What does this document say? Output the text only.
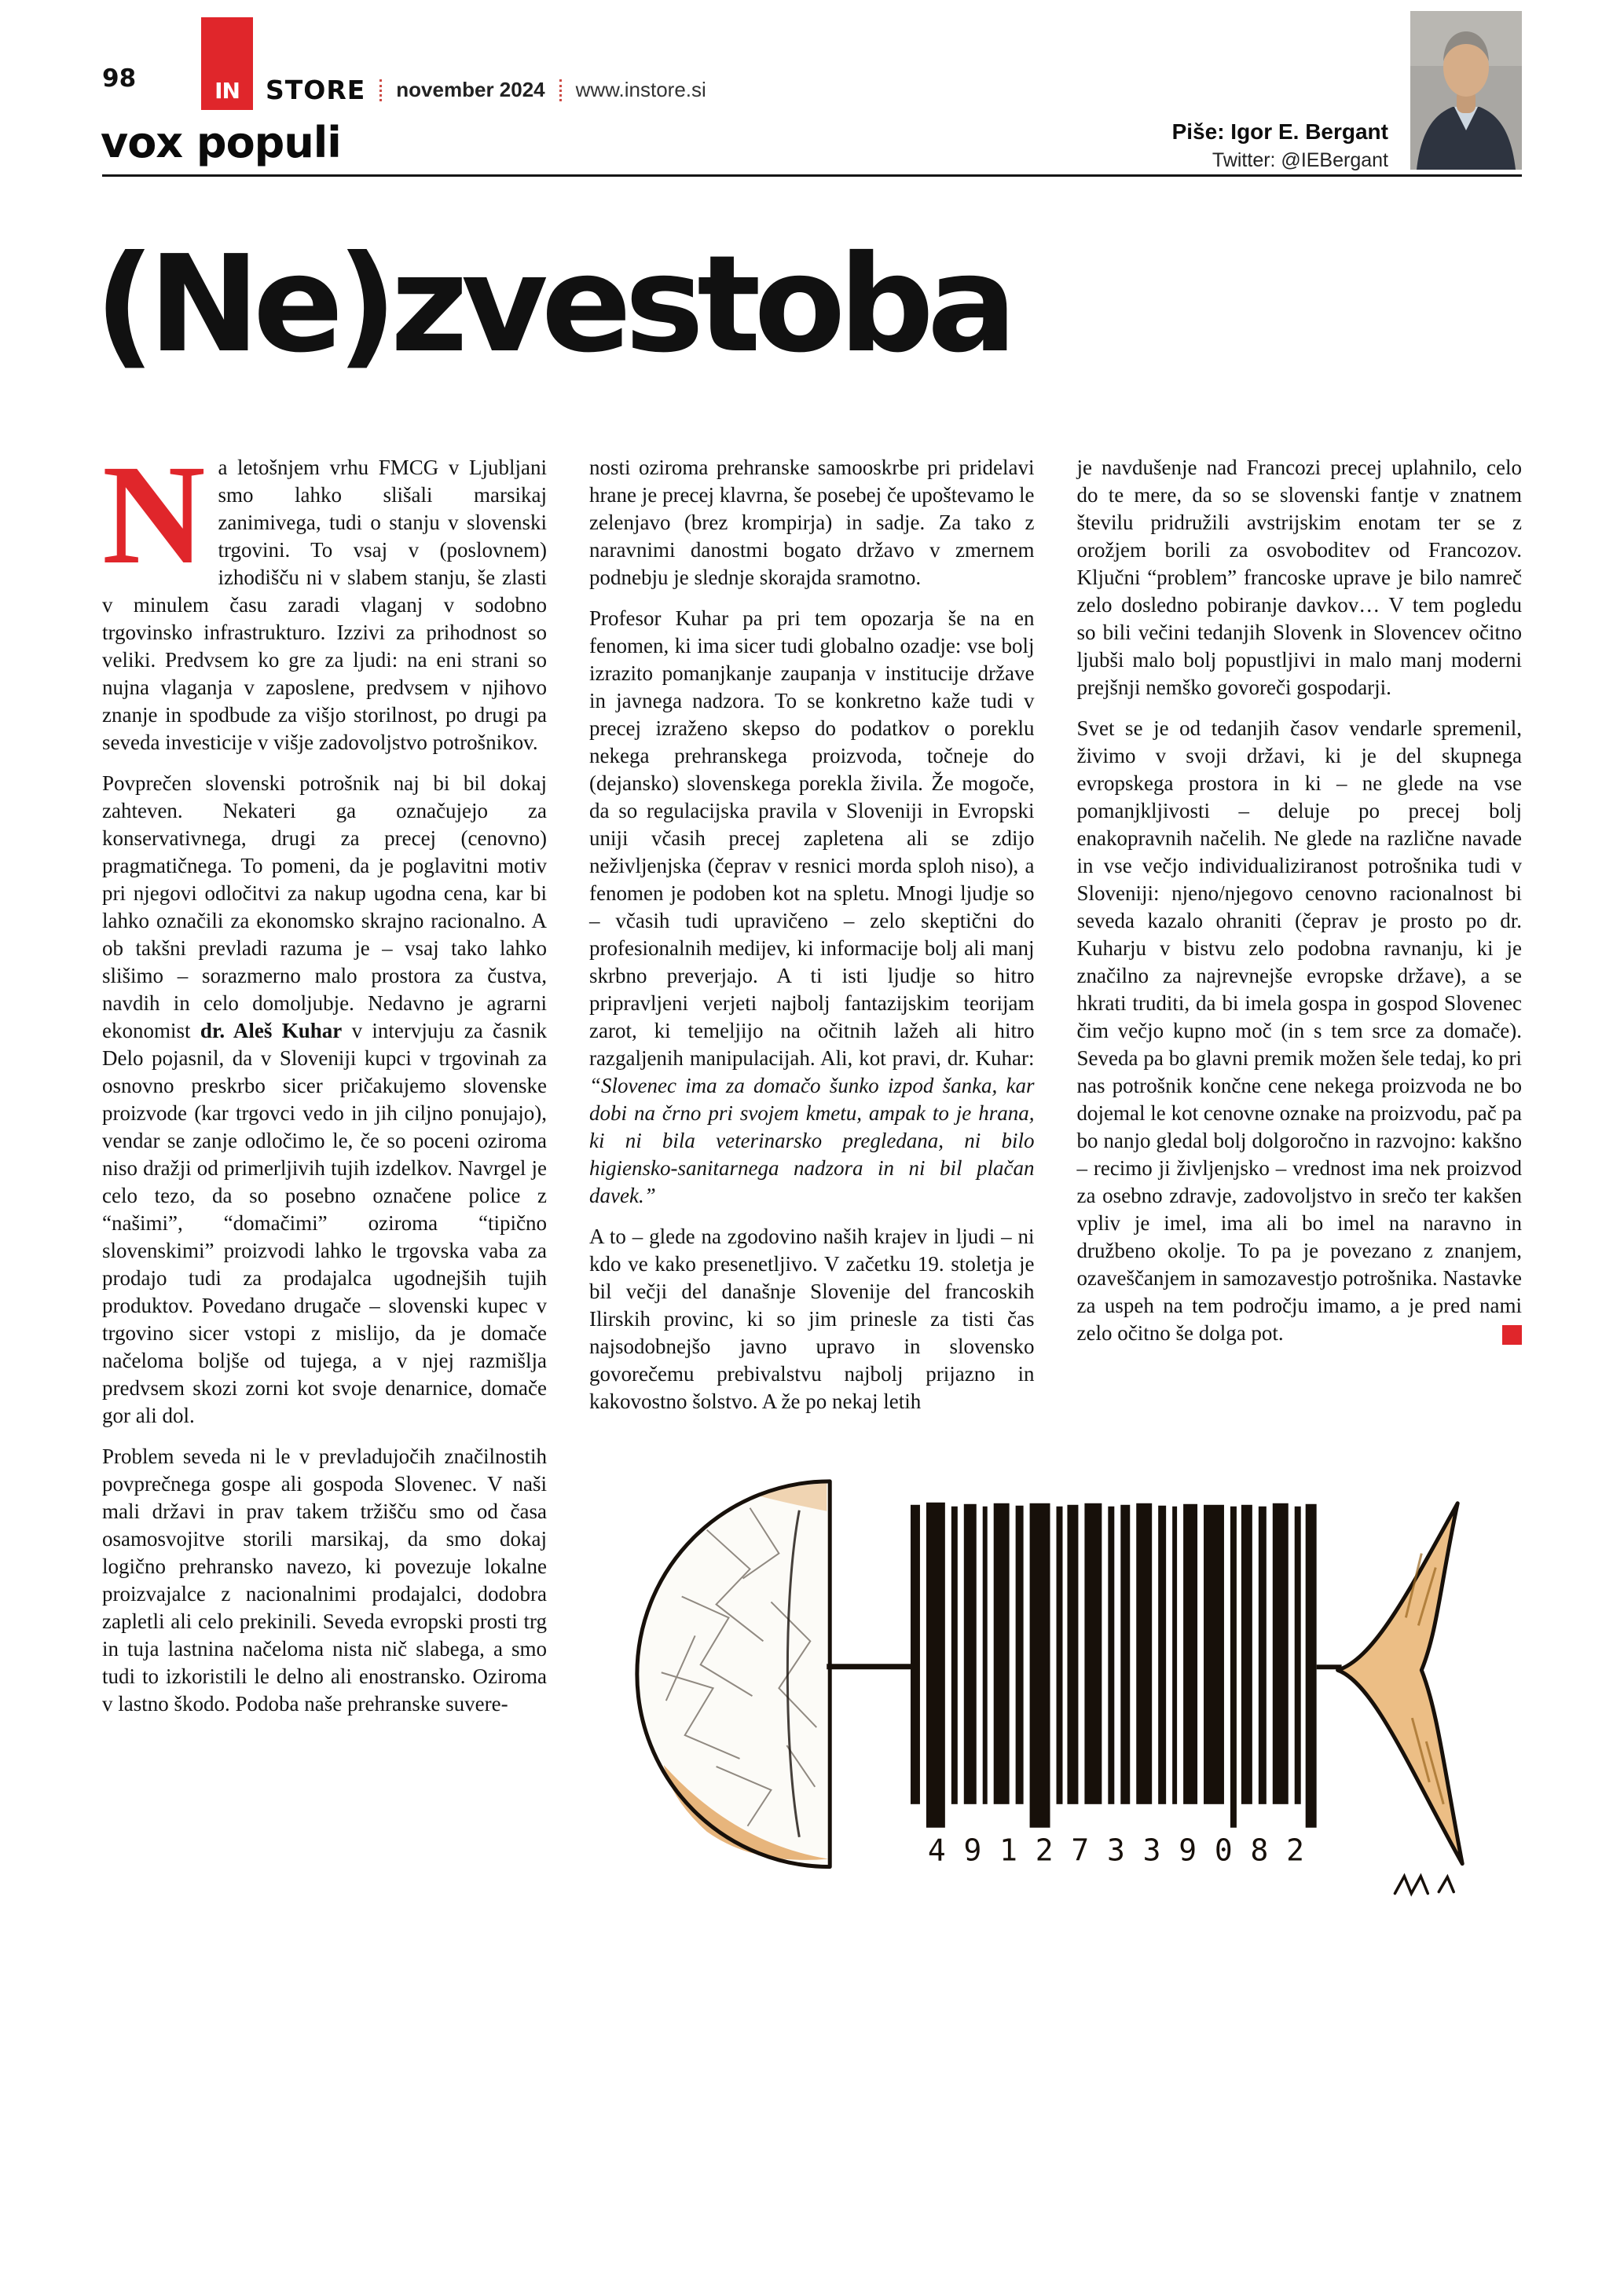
98	IN STORE november 2024 www.instore.si
vox populi	Piše: Igor E. Bergant
Twitter: @IEBergant
(Ne)zvestoba

Na letošnjem vrhu FMCG v Ljubljani smo lahko slišali marsikaj zanimivega, tudi o stanju v slovenski trgovini. To vsaj v (poslovnem) izhodišču ni v slabem stanju, še zlasti v minulem času zaradi vlaganj v sodobno trgovinsko infrastrukturo. Izzivi za prihodnost so veliki. Predvsem ko gre za ljudi: na eni strani so nujna vlaganja v zaposlene, predvsem v njihovo znanje in spodbude za višjo storilnost, po drugi pa seveda investicije v višje zadovoljstvo potrošnikov.

Povprečen slovenski potrošnik naj bi bil dokaj zahteven. Nekateri ga označujejo za konservativnega, drugi za precej (cenovno) pragmatičnega. To pomeni, da je poglavitni motiv pri njegovi odločitvi za nakup ugodna cena, kar bi lahko označili za ekonomsko skrajno racionalno. A ob takšni prevladi razuma je – vsaj tako lahko slišimo – sorazmerno malo prostora za čustva, navdih in celo domoljubje. Nedavno je agrarni ekonomist dr. Aleš Kuhar v intervjuju za časnik Delo pojasnil, da v Sloveniji kupci v trgovinah za osnovno preskrbo sicer pričakujemo slovenske proizvode (kar trgovci vedo in jih ciljno ponujajo), vendar se zanje odločimo le, če so poceni oziroma niso dražji od primerljivih tujih izdelkov. Navrgel je celo tezo, da so posebno označene police z “našimi”, “domačimi” oziroma “tipično slovenskimi” proizvodi lahko le trgovska vaba za prodajo tudi za prodajalca ugodnejših tujih produktov. Povedano drugače – slovenski kupec v trgovino sicer vstopi z mislijo, da je domače načeloma boljše od tujega, a v njej razmišlja predvsem skozi zorni kot svoje denarnice, domače gor ali dol.

Problem seveda ni le v prevladujočih značilnostih povprečnega gospe ali gospoda Slovenec. V naši mali državi in prav takem tržišču smo od časa osamosvojitve storili marsikaj, da smo dokaj logično prehransko navezo, ki povezuje lokalne proizvajalce z nacionalnimi prodajalci, dodobra zapletli ali celo prekinili. Seveda evropski prosti trg in tuja lastnina načeloma nista nič slabega, a smo tudi to izkoristili le delno ali enostransko. Oziroma v lastno škodo. Podoba naše prehranske suvere-

nosti oziroma prehranske samooskrbe pri pridelavi hrane je precej klavrna, še posebej če upoštevamo le zelenjavo (brez krompirja) in sadje. Za tako z naravnimi danostmi bogato državo v zmernem podnebju je slednje skorajda sramotno.

Profesor Kuhar pa pri tem opozarja še na en fenomen, ki ima sicer tudi globalno ozadje: vse bolj izrazito pomanjkanje zaupanja v institucije države in javnega nadzora. To se konkretno kaže tudi v precej izraženo skepso do podatkov o poreklu nekega prehranskega proizvoda, točneje do (dejansko) slovenskega porekla živila. Že mogoče, da so regulacijska pravila v Sloveniji in Evropski uniji včasih precej zapletena ali se zdijo neživljenjska (čeprav v resnici morda sploh niso), a fenomen je podoben kot na spletu. Mnogi ljudje so – včasih tudi upravičeno – zelo skeptični do profesionalnih medijev, ki informacije bolj ali manj skrbno preverjajo. A ti isti ljudje so hitro pripravljeni verjeti najbolj fantazijskim teorijam zarot, ki temeljijo na očitnih lažeh ali hitro razgaljenih manipulacijah. Ali, kot pravi, dr. Kuhar: “Slovenec ima za domačo šunko izpod šanka, kar dobi na črno pri svojem kmetu, ampak to je hrana, ki ni bila veterinarsko pregledana, ni bilo higiensko-sanitarnega nadzora in ni bil plačan davek.”

A to – glede na zgodovino naših krajev in ljudi – ni kdo ve kako presenetljivo. V začetku 19. stoletja je bil večji del današnje Slovenije del francoskih Ilirskih provinc, ki so jim prinesle za tisti čas najsodobnejšo javno upravo in slovensko govorečemu prebivalstvu najbolj prijazno in kakovostno šolstvo. A že po nekaj letih

je navdušenje nad Francozi precej uplahnilo, celo do te mere, da so se slovenski fantje v znatnem številu pridružili avstrijskim enotam ter se z orožjem borili za osvoboditev od Francozov. Ključni “problem” francoske uprave je bilo namreč zelo dosledno pobiranje davkov… V tem pogledu so bili večini tedanjih Slovenk in Slovencev očitno ljubši malo bolj popustljivi in malo manj moderni prejšnji nemško govoreči gospodarji.

Svet se je od tedanjih časov vendarle spremenil, živimo v svoji državi, ki je del skupnega evropskega prostora in ki – ne glede na vse pomanjkljivosti – deluje po precej bolj enakopravnih načelih. Ne glede na različne navade in vse večjo individualiziranost potrošnika tudi v Sloveniji: njeno/njegovo cenovno racionalnost bi seveda kazalo ohraniti (čeprav je prosto po dr. Kuharju v bistvu zelo podobna ravnanju, ki je značilno za najrevnejše evropske države), a se hkrati truditi, da bi imela gospa in gospod Slovenec čim večjo kupno moč (in s tem srce za domače). Seveda pa bo glavni premik možen šele tedaj, ko pri nas potrošnik končne cene nekega proizvoda ne bo dojemal le kot cenovne oznake na proizvodu, pač pa bo nanjo gledal bolj dolgoročno in razvojno: kakšno – recimo ji življenjsko – vrednost ima nek proizvod za osebno zdravje, zadovoljstvo in srečo ter kakšen vpliv je imel, ima ali bo imel na naravno in družbeno okolje. To pa je povezano z znanjem, ozaveščanjem in samozavestjo potrošnika. Nastavke za uspeh na tem področju imamo, a je pred nami zelo očitno še dolga pot.

4 9 1 2 7 3 3 9 0 8 2
